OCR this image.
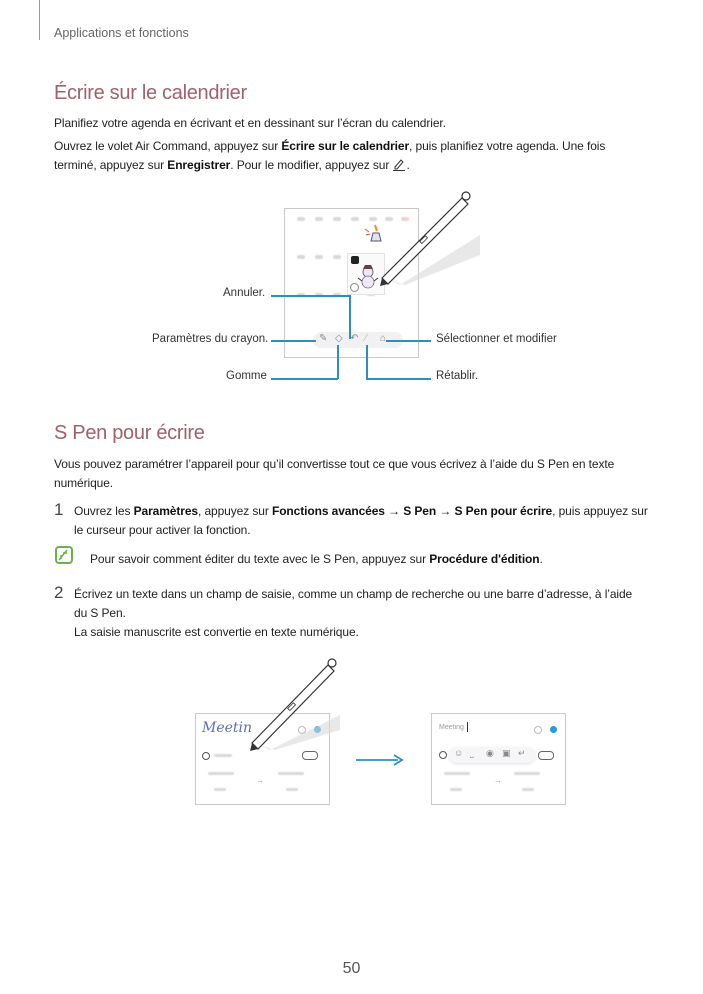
Applications et fonctions
Écrire sur le calendrier
Planifiez votre agenda en écrivant et en dessinant sur l’écran du calendrier.
Ouvrez le volet Air Command, appuyez sur Écrire sur le calendrier, puis planifiez votre agenda. Une fois
terminé, appuyez sur Enregistrer. Pour le modifier, appuyez sur .
✎ ◇ ↶ ⁄ ⌂
Annuler.
Paramètres du crayon.	Sélectionner et modifier
Gomme	Rétablir.
S Pen pour écrire
Vous pouvez paramétrer l’appareil pour qu’il convertisse tout ce que vous écrivez à l’aide du S Pen en texte
numérique.
1 Ouvrez les Paramètres, appuyez sur Fonctions avancées → S Pen → S Pen pour écrire, puis appuyez sur
le curseur pour activer la fonction.
Pour savoir comment éditer du texte avec le S Pen, appuyez sur Procédure d'édition.
2 Écrivez un texte dans un champ de saisie, comme un champ de recherche ou une barre d’adresse, à l’aide
du S Pen.
La saisie manuscrite est convertie en texte numérique.
Meetin
→
Meeting
☺ ⎵ ◉ ▣ ↵
→
50
